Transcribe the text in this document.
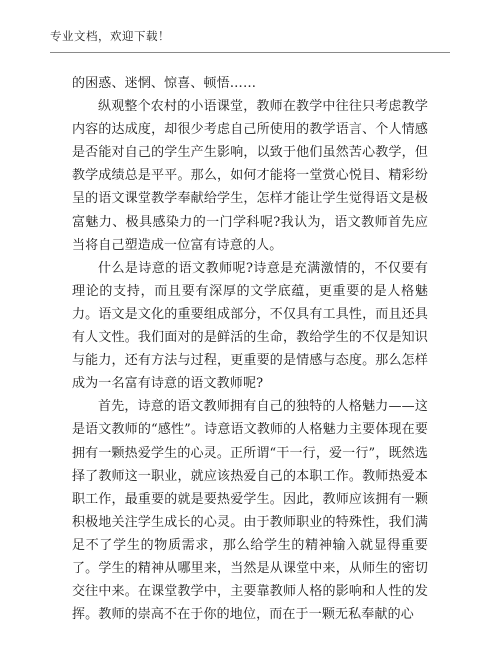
专业文档，欢迎下载！

的困惑、迷惘、惊喜、顿悟……

纵观整个农村的小语课堂，教师在教学中往往只考虑教学内容的达成度，却很少考虑自己所使用的教学语言、个人情感是否能对自己的学生产生影响，以致于他们虽然苦心教学，但教学成绩总是平平。那么，如何才能将一堂赏心悦目、精彩纷呈的语文课堂教学奉献给学生，怎样才能让学生觉得语文是极富魅力、极具感染力的一门学科呢?我认为，语文教师首先应当将自己塑造成一位富有诗意的人。

什么是诗意的语文教师呢?诗意是充满激情的，不仅要有理论的支持，而且要有深厚的文学底蕴，更重要的是人格魅力。语文是文化的重要组成部分，不仅具有工具性，而且还具有人文性。我们面对的是鲜活的生命，教给学生的不仅是知识与能力，还有方法与过程，更重要的是情感与态度。那么怎样成为一名富有诗意的语文教师呢?

首先，诗意的语文教师拥有自己的独特的人格魅力——这是语文教师的“感性”。诗意语文教师的人格魅力主要体现在要拥有一颗热爱学生的心灵。正所谓“干一行，爱一行”，既然选择了教师这一职业，就应该热爱自己的本职工作。教师热爱本职工作，最重要的就是要热爱学生。因此，教师应该拥有一颗积极地关注学生成长的心灵。由于教师职业的特殊性，我们满足不了学生的物质需求，那么给学生的精神输入就显得重要了。学生的精神从哪里来，当然是从课堂中来，从师生的密切交往中来。在课堂教学中，主要靠教师人格的影响和人性的发挥。教师的崇高不在于你的地位，而在于一颗无私奉献的心
